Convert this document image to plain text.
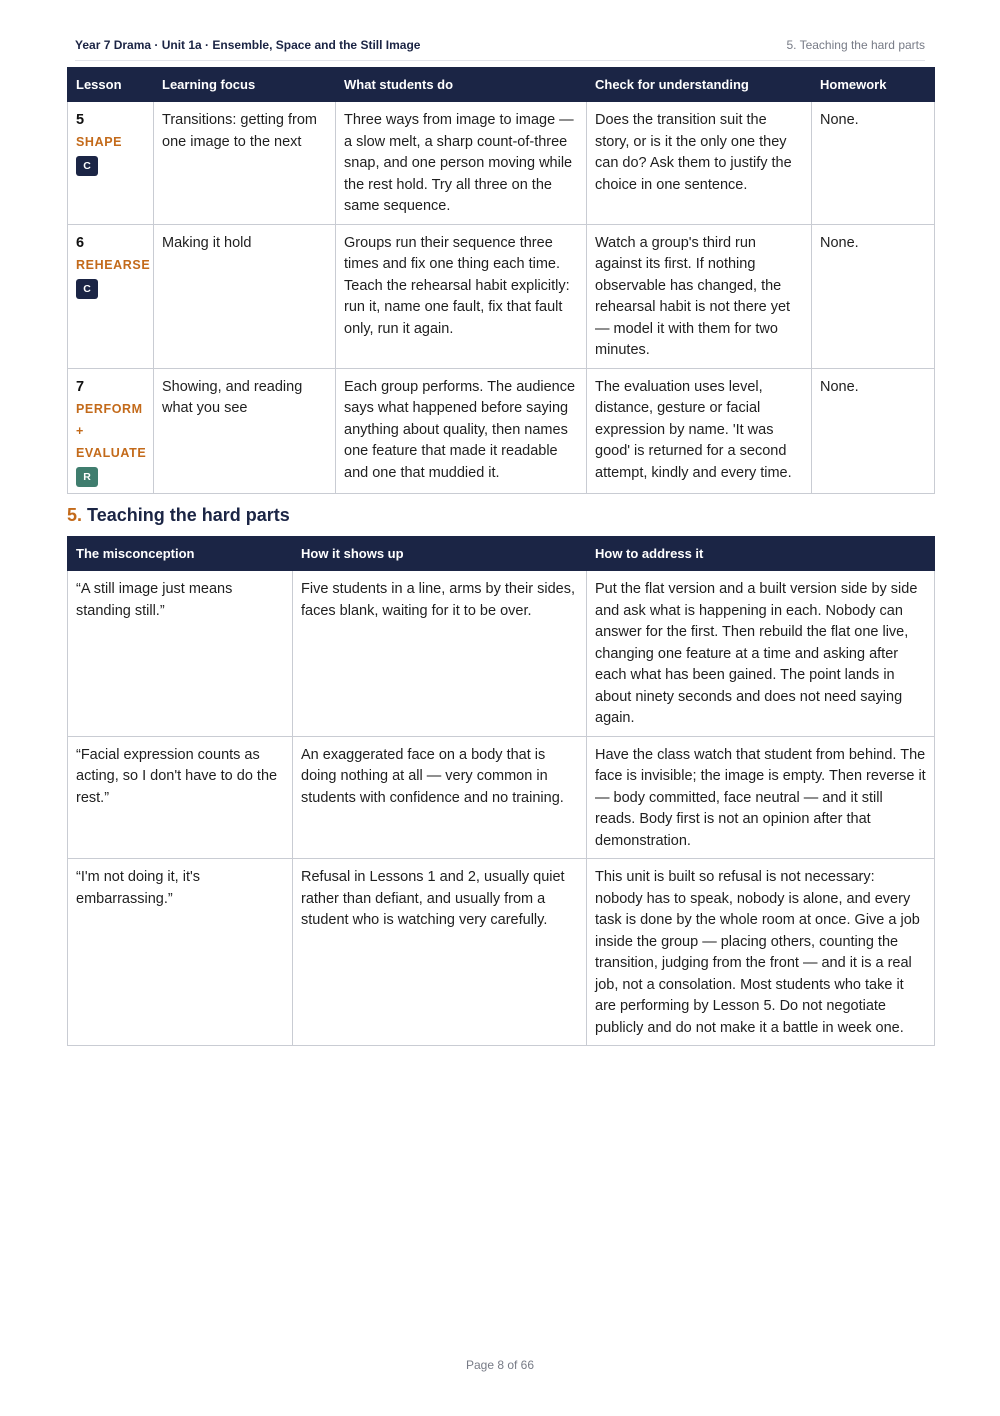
Year 7 Drama · Unit 1a · Ensemble, Space and the Still Image	5. Teaching the hard parts
Lesson	Learning focus	What students do	Check for understanding	Homework

5
SHAPE
C	Transitions: getting from one image to the next	Three ways from image to image — a slow melt, a sharp count-of-three snap, and one person moving while the rest hold. Try all three on the same sequence.	Does the transition suit the story, or is it the only one they can do? Ask them to justify the choice in one sentence.	None.

6
REHEARSE
C	Making it hold	Groups run their sequence three times and fix one thing each time. Teach the rehearsal habit explicitly: run it, name one fault, fix that fault only, run it again.	Watch a group's third run against its first. If nothing observable has changed, the rehearsal habit is not there yet — model it with them for two minutes.	None.

7
PERFORM + EVALUATE
R	Showing, and reading what you see	Each group performs. The audience says what happened before saying anything about quality, then names one feature that made it readable and one that muddied it.	The evaluation uses level, distance, gesture or facial expression by name. 'It was good' is returned for a second attempt, kindly and every time.	None.
5. Teaching the hard parts
The misconception	How it shows up	How to address it
“A still image just means standing still.”	Five students in a line, arms by their sides, faces blank, waiting for it to be over.	Put the flat version and a built version side by side and ask what is happening in each. Nobody can answer for the first. Then rebuild the flat one live, changing one feature at a time and asking after each what has been gained. The point lands in about ninety seconds and does not need saying again.
“Facial expression counts as acting, so I don't have to do the rest.”	An exaggerated face on a body that is doing nothing at all — very common in students with confidence and no training.	Have the class watch that student from behind. The face is invisible; the image is empty. Then reverse it — body committed, face neutral — and it still reads. Body first is not an opinion after that demonstration.
“I'm not doing it, it's embarrassing.”	Refusal in Lessons 1 and 2, usually quiet rather than defiant, and usually from a student who is watching very carefully.	This unit is built so refusal is not necessary: nobody has to speak, nobody is alone, and every task is done by the whole room at once. Give a job inside the group — placing others, counting the transition, judging from the front — and it is a real job, not a consolation. Most students who take it are performing by Lesson 5. Do not negotiate publicly and do not make it a battle in week one.
Page 8 of 66
